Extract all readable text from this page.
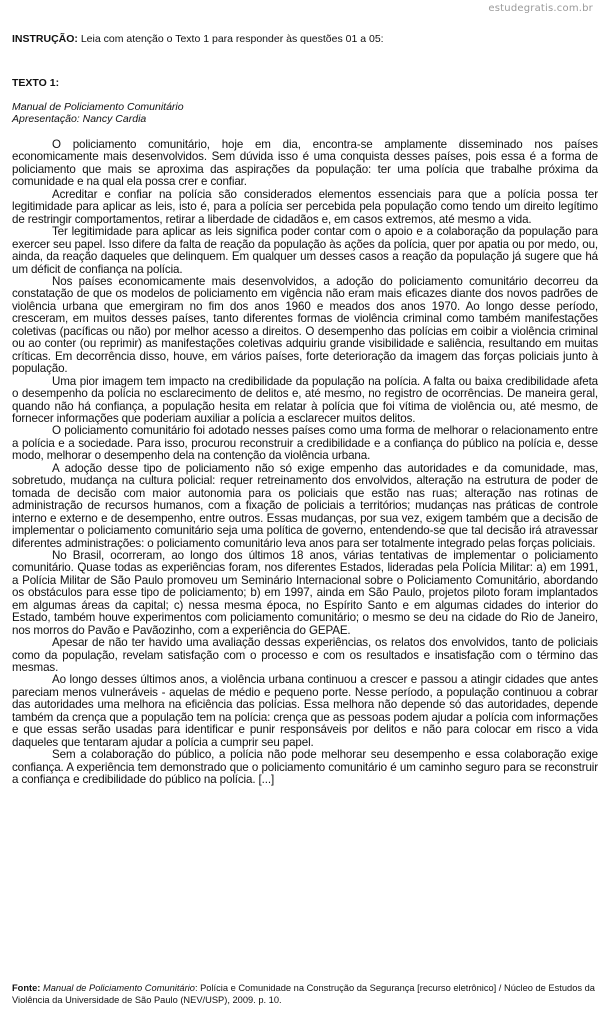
estudegratis.com.br
INSTRUÇÃO: Leia com atenção o Texto 1 para responder às questões 01 a 05:
TEXTO 1:
Manual de Policiamento Comunitário
Apresentação: Nancy Cardia

O policiamento comunitário, hoje em dia, encontra-se amplamente disseminado nos países economicamente mais desenvolvidos. Sem dúvida isso é uma conquista desses países, pois essa é a forma de policiamento que mais se aproxima das aspirações da população: ter uma polícia que trabalhe próxima da comunidade e na qual ela possa crer e confiar.

Acreditar e confiar na polícia são considerados elementos essenciais para que a polícia possa ter legitimidade para aplicar as leis, isto é, para a polícia ser percebida pela população como tendo um direito legítimo de restringir comportamentos, retirar a liberdade de cidadãos e, em casos extremos, até mesmo a vida.

Ter legitimidade para aplicar as leis significa poder contar com o apoio e a colaboração da população para exercer seu papel. Isso difere da falta de reação da população às ações da polícia, quer por apatia ou por medo, ou, ainda, da reação daqueles que delinquem. Em qualquer um desses casos a reação da população já sugere que há um déficit de confiança na polícia.

Nos países economicamente mais desenvolvidos, a adoção do policiamento comunitário decorreu da constatação de que os modelos de policiamento em vigência não eram mais eficazes diante dos novos padrões de violência urbana que emergiram no fim dos anos 1960 e meados dos anos 1970. Ao longo desse período, cresceram, em muitos desses países, tanto diferentes formas de violência criminal como também manifestações coletivas (pacíficas ou não) por melhor acesso a direitos. O desempenho das polícias em coibir a violência criminal ou ao conter (ou reprimir) as manifestações coletivas adquiriu grande visibilidade e saliência, resultando em muitas críticas. Em decorrência disso, houve, em vários países, forte deterioração da imagem das forças policiais junto à população.

Uma pior imagem tem impacto na credibilidade da população na polícia. A falta ou baixa credibilidade afeta o desempenho da polícia no esclarecimento de delitos e, até mesmo, no registro de ocorrências. De maneira geral, quando não há confiança, a população hesita em relatar à polícia que foi vítima de violência ou, até mesmo, de fornecer informações que poderiam auxiliar a polícia a esclarecer muitos delitos.

O policiamento comunitário foi adotado nesses países como uma forma de melhorar o relacionamento entre a polícia e a sociedade. Para isso, procurou reconstruir a credibilidade e a confiança do público na polícia e, desse modo, melhorar o desempenho dela na contenção da violência urbana.

A adoção desse tipo de policiamento não só exige empenho das autoridades e da comunidade, mas, sobretudo, mudança na cultura policial: requer retreinamento dos envolvidos, alteração na estrutura de poder de tomada de decisão com maior autonomia para os policiais que estão nas ruas; alteração nas rotinas de administração de recursos humanos, com a fixação de policiais a territórios; mudanças nas práticas de controle interno e externo e de desempenho, entre outros. Essas mudanças, por sua vez, exigem também que a decisão de implementar o policiamento comunitário seja uma política de governo, entendendo-se que tal decisão irá atravessar diferentes administrações: o policiamento comunitário leva anos para ser totalmente integrado pelas forças policiais.

No Brasil, ocorreram, ao longo dos últimos 18 anos, várias tentativas de implementar o policiamento comunitário. Quase todas as experiências foram, nos diferentes Estados, lideradas pela Polícia Militar: a) em 1991, a Polícia Militar de São Paulo promoveu um Seminário Internacional sobre o Policiamento Comunitário, abordando os obstáculos para esse tipo de policiamento; b) em 1997, ainda em São Paulo, projetos piloto foram implantados em algumas áreas da capital; c) nessa mesma época, no Espírito Santo e em algumas cidades do interior do Estado, também houve experimentos com policiamento comunitário; o mesmo se deu na cidade do Rio de Janeiro, nos morros do Pavão e Pavãozinho, com a experiência do GEPAE.

Apesar de não ter havido uma avaliação dessas experiências, os relatos dos envolvidos, tanto de policiais como da população, revelam satisfação com o processo e com os resultados e insatisfação com o término das mesmas.

Ao longo desses últimos anos, a violência urbana continuou a crescer e passou a atingir cidades que antes pareciam menos vulneráveis - aquelas de médio e pequeno porte. Nesse período, a população continuou a cobrar das autoridades uma melhora na eficiência das polícias. Essa melhora não depende só das autoridades, depende também da crença que a população tem na polícia: crença que as pessoas podem ajudar a polícia com informações e que essas serão usadas para identificar e punir responsáveis por delitos e não para colocar em risco a vida daqueles que tentaram ajudar a polícia a cumprir seu papel.

Sem a colaboração do público, a polícia não pode melhorar seu desempenho e essa colaboração exige confiança. A experiência tem demonstrado que o policiamento comunitário é um caminho seguro para se reconstruir a confiança e credibilidade do público na polícia. [...]

Fonte: Manual de Policiamento Comunitário: Polícia e Comunidade na Construção da Segurança [recurso eletrônico] / Núcleo de Estudos da Violência da Universidade de São Paulo (NEV/USP), 2009. p. 10.
